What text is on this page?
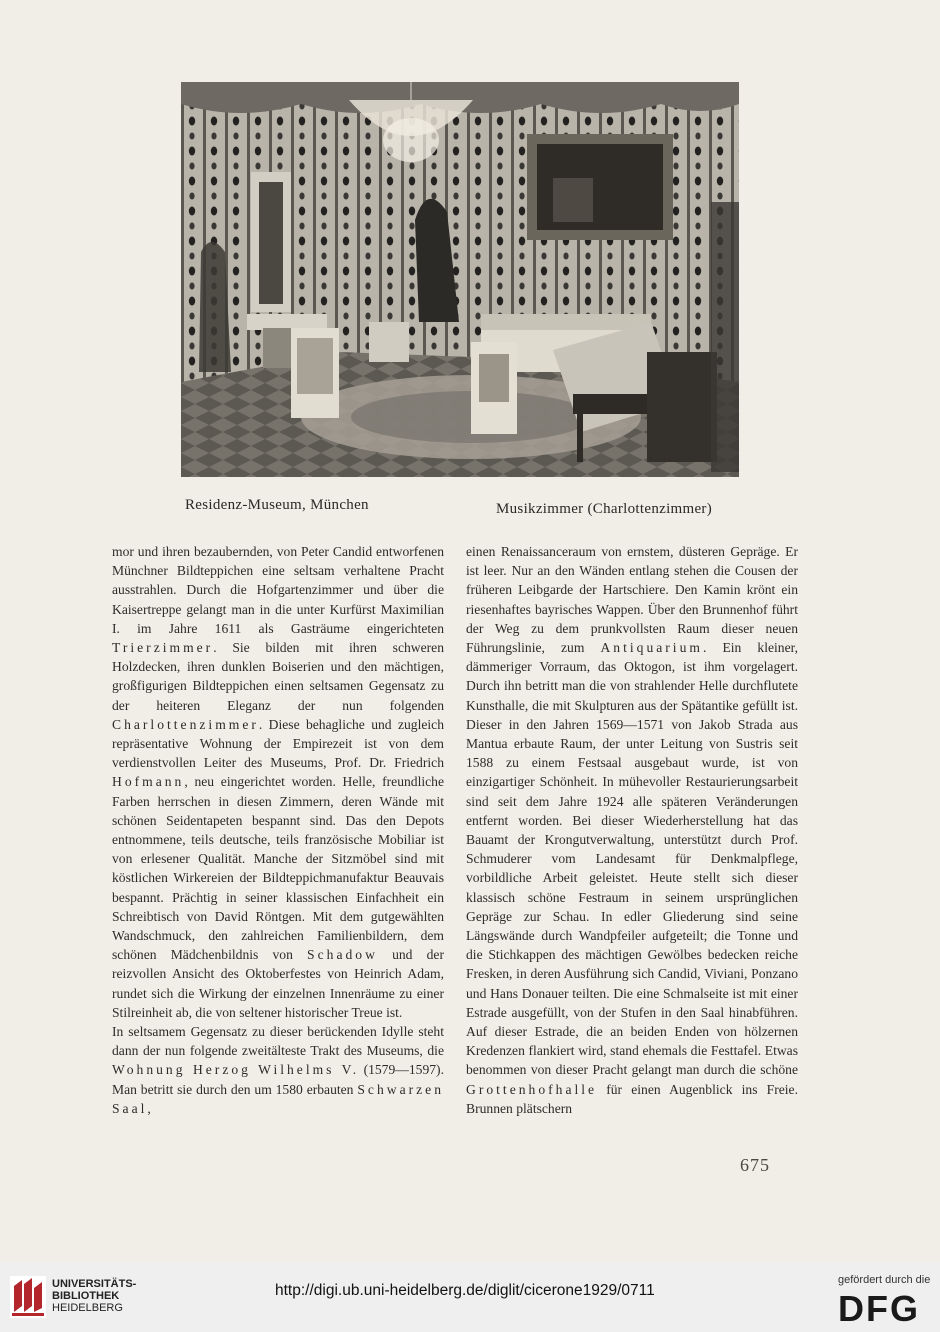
Residenz-Museum, München	Musikzimmer (Charlottenzimmer)

mor und ihren bezaubernden, von Peter Candid entworfenen Münchner Bildteppichen eine seltsam verhaltene Pracht ausstrahlen. Durch die Hofgartenzimmer und über die Kaisertreppe gelangt man in die unter Kurfürst Maximilian I. im Jahre 1611 als Gasträume eingerichteten Trierzimmer. Sie bilden mit ihren schweren Holzdecken, ihren dunklen Boiserien und den mächtigen, großfigurigen Bildteppichen einen seltsamen Gegensatz zu der heiteren Eleganz der nun folgenden Charlottenzimmer. Diese behagliche und zugleich repräsentative Wohnung der Empirezeit ist von dem verdienstvollen Leiter des Museums, Prof. Dr. Friedrich Hofmann, neu eingerichtet worden. Helle, freundliche Farben herrschen in diesen Zimmern, deren Wände mit schönen Seidentapeten bespannt sind. Das den Depots entnommene, teils deutsche, teils französische Mobiliar ist von erlesener Qualität. Manche der Sitzmöbel sind mit köstlichen Wirkereien der Bildteppichmanufaktur Beauvais bespannt. Prächtig in seiner klassischen Einfachheit ein Schreibtisch von David Röntgen. Mit dem gutgewählten Wandschmuck, den zahlreichen Familienbildern, dem schönen Mädchenbildnis von Schadow und der reizvollen Ansicht des Oktoberfestes von Heinrich Adam, rundet sich die Wirkung der einzelnen Innenräume zu einer Stilreinheit ab, die von seltener historischer Treue ist.

In seltsamem Gegensatz zu dieser berückenden Idylle steht dann der nun folgende zweitälteste Trakt des Museums, die Wohnung Herzog Wilhelms V. (1579—1597). Man betritt sie durch den um 1580 erbauten Schwarzen Saal,

einen Renaissanceraum von ernstem, düsteren Gepräge. Er ist leer. Nur an den Wänden entlang stehen die Cousen der früheren Leibgarde der Hartschiere. Den Kamin krönt ein riesenhaftes bayrisches Wappen. Über den Brunnenhof führt der Weg zu dem prunkvollsten Raum dieser neuen Führungslinie, zum Antiquarium. Ein kleiner, dämmeriger Vorraum, das Oktogon, ist ihm vorgelagert. Durch ihn betritt man die von strahlender Helle durchflutete Kunsthalle, die mit Skulpturen aus der Spätantike gefüllt ist. Dieser in den Jahren 1569—1571 von Jakob Strada aus Mantua erbaute Raum, der unter Leitung von Sustris seit 1588 zu einem Festsaal ausgebaut wurde, ist von einzigartiger Schönheit. In mühevoller Restaurierungsarbeit sind seit dem Jahre 1924 alle späteren Veränderungen entfernt worden. Bei dieser Wiederherstellung hat das Bauamt der Krongutverwaltung, unterstützt durch Prof. Schmuderer vom Landesamt für Denkmalpflege, vorbildliche Arbeit geleistet. Heute stellt sich dieser klassisch schöne Festraum in seinem ursprünglichen Gepräge zur Schau. In edler Gliederung sind seine Längswände durch Wandpfeiler aufgeteilt; die Tonne und die Stichkappen des mächtigen Gewölbes bedecken reiche Fresken, in deren Ausführung sich Candid, Viviani, Ponzano und Hans Donauer teilten. Die eine Schmalseite ist mit einer Estrade ausgefüllt, von der Stufen in den Saal hinabführen. Auf dieser Estrade, die an beiden Enden von hölzernen Kredenzen flankiert wird, stand ehemals die Festtafel. Etwas benommen von dieser Pracht gelangt man durch die schöne Grottenhofhalle für einen Augenblick ins Freie. Brunnen plätschern

675
UNIVERSITÄTS-
BIBLIOTHEK
HEIDELBERG
http://digi.ub.uni-heidelberg.de/diglit/cicerone1929/0711
gefördert durch die
DFG
